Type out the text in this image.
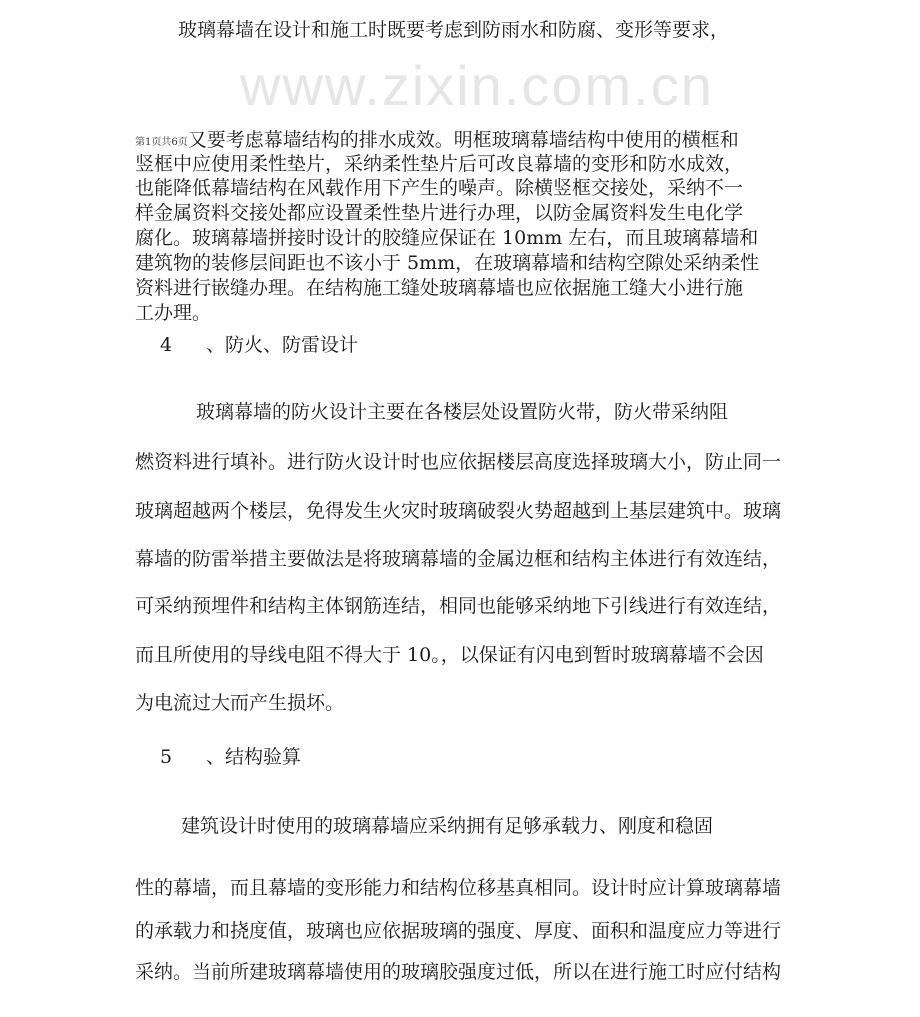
www.zixin.com.cn
玻璃幕墙在设计和施工时既要考虑到防雨水和防腐、变形等要求，
第1页共6页又要考虑幕墙结构的排水成效。明框玻璃幕墙结构中使用的横框和
竖框中应使用柔性垫片，采纳柔性垫片后可改良幕墙的变形和防水成效，
也能降低幕墙结构在风载作用下产生的噪声。除横竖框交接处，采纳不一
样金属资料交接处都应设置柔性垫片进行办理，以防金属资料发生电化学
腐化。玻璃幕墙拼接时设计的胶缝应保证在 10mm 左右，而且玻璃幕墙和
建筑物的装修层间距也不该小于 5mm，在玻璃幕墙和结构空隙处采纳柔性
资料进行嵌缝办理。在结构施工缝处玻璃幕墙也应依据施工缝大小进行施
工办理。
4 、防火、防雷设计
玻璃幕墙的防火设计主要在各楼层处设置防火带，防火带采纳阻
燃资料进行填补。进行防火设计时也应依据楼层高度选择玻璃大小，防止同一
玻璃超越两个楼层，免得发生火灾时玻璃破裂火势超越到上基层建筑中。玻璃
幕墙的防雷举措主要做法是将玻璃幕墙的金属边框和结构主体进行有效连结，
可采纳预埋件和结构主体钢筋连结，相同也能够采纳地下引线进行有效连结，
而且所使用的导线电阻不得大于 10。，以保证有闪电到暂时玻璃幕墙不会因
为电流过大而产生损坏。
5 、结构验算
建筑设计时使用的玻璃幕墙应采纳拥有足够承载力、刚度和稳固
性的幕墙，而且幕墙的变形能力和结构位移基真相同。设计时应计算玻璃幕墙
的承载力和挠度值，玻璃也应依据玻璃的强度、厚度、面积和温度应力等进行
采纳。当前所建玻璃幕墙使用的玻璃胶强度过低，所以在进行施工时应付结构
